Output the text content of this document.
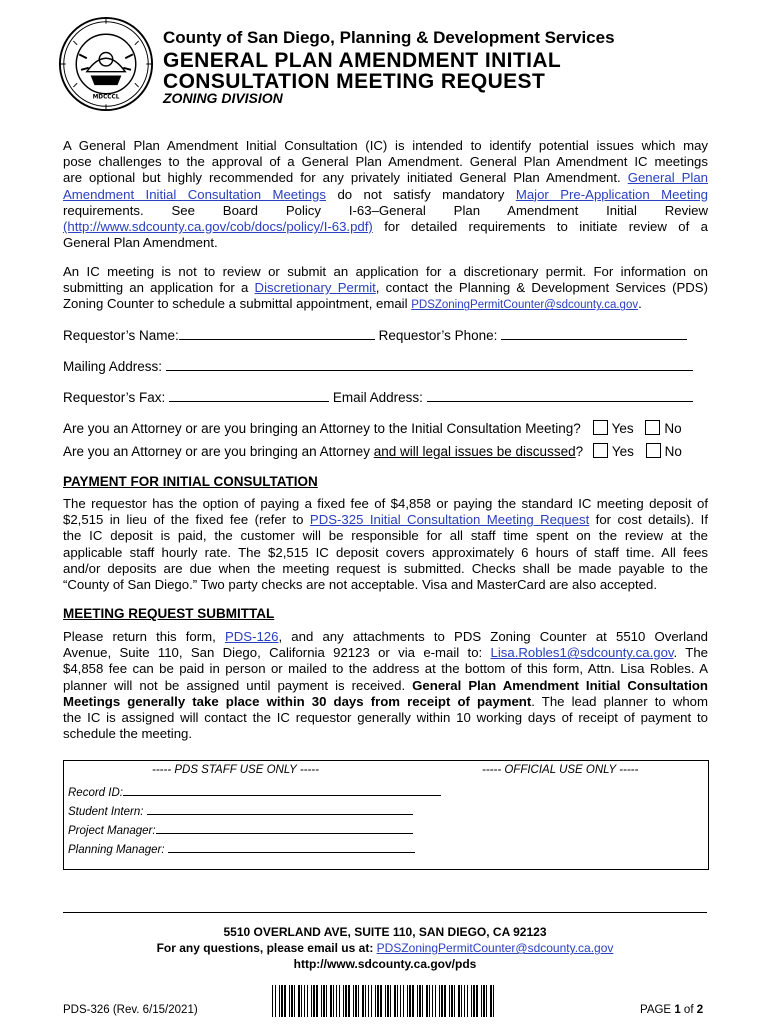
MDCCCL
County of San Diego, Planning & Development Services
GENERAL PLAN AMENDMENT INITIAL
CONSULTATION MEETING REQUEST
ZONING DIVISION
A General Plan Amendment Initial Consultation (IC) is intended to identify potential issues which may
pose challenges to the approval of a General Plan Amendment. General Plan Amendment IC meetings
are optional but highly recommended for any privately initiated General Plan Amendment. General Plan
Amendment Initial Consultation Meetings do not satisfy mandatory Major Pre-Application Meeting
requirements. See Board Policy I-63–General Plan Amendment Initial Review
(http://www.sdcounty.ca.gov/cob/docs/policy/I-63.pdf) for detailed requirements to initiate review of a
General Plan Amendment.
An IC meeting is not to review or submit an application for a discretionary permit. For information on
submitting an application for a Discretionary Permit, contact the Planning & Development Services (PDS)
Zoning Counter to schedule a submittal appointment, email PDSZoningPermitCounter@sdcounty.ca.gov.
Requestor’s Name:	Requestor’s Phone:
Mailing Address:
Requestor’s Fax:	Email Address:
Are you an Attorney or are you bringing an Attorney to the Initial Consultation Meeting? Yes No
Are you an Attorney or are you bringing an Attorney and will legal issues be discussed? Yes No
PAYMENT FOR INITIAL CONSULTATION
The requestor has the option of paying a fixed fee of $4,858 or paying the standard IC meeting deposit of
$2,515 in lieu of the fixed fee (refer to PDS-325 Initial Consultation Meeting Request for cost details). If
the IC deposit is paid, the customer will be responsible for all staff time spent on the review at the
applicable staff hourly rate. The $2,515 IC deposit covers approximately 6 hours of staff time. All fees
and/or deposits are due when the meeting request is submitted. Checks shall be made payable to the
“County of San Diego.” Two party checks are not acceptable. Visa and MasterCard are also accepted.
MEETING REQUEST SUBMITTAL
Please return this form, PDS-126, and any attachments to PDS Zoning Counter at 5510 Overland
Avenue, Suite 110, San Diego, California 92123 or via e-mail to: Lisa.Robles1@sdcounty.ca.gov. The
$4,858 fee can be paid in person or mailed to the address at the bottom of this form, Attn. Lisa Robles. A
planner will not be assigned until payment is received. General Plan Amendment Initial Consultation
Meetings generally take place within 30 days from receipt of payment. The lead planner to whom
the IC is assigned will contact the IC requestor generally within 10 working days of receipt of payment to
schedule the meeting.
----- PDS STAFF USE ONLY -----	----- OFFICIAL USE ONLY -----
Record ID:
Student Intern:
Project Manager:
Planning Manager:
5510 OVERLAND AVE, SUITE 110, SAN DIEGO, CA 92123
For any questions, please email us at: PDSZoningPermitCounter@sdcounty.ca.gov
http://www.sdcounty.ca.gov/pds
PDS-326 (Rev. 6/15/2021)	PAGE 1 of 2
